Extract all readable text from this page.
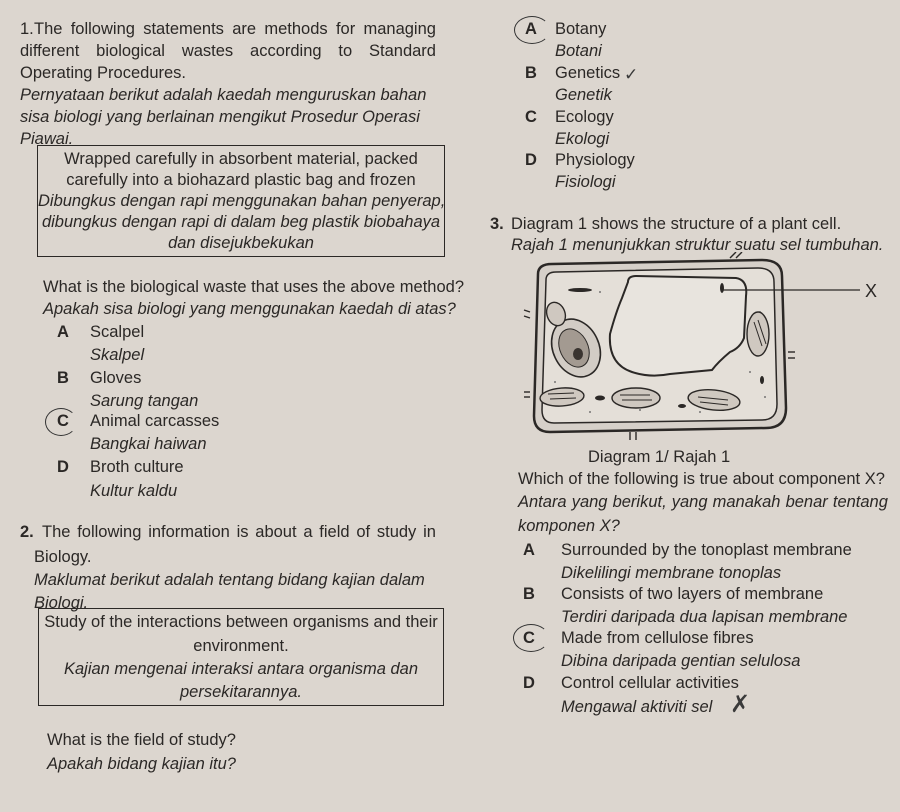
1. The following statements are methods for managing
different biological wastes according to Standard
Operating Procedures.
Pernyataan berikut adalah kaedah menguruskan bahan
sisa biologi yang berlainan mengikut Prosedur Operasi
Piawai.
Wrapped carefully in absorbent material, packed
carefully into a biohazard plastic bag and frozen
Dibungkus dengan rapi menggunakan bahan penyerap,
dibungkus dengan rapi di dalam beg plastik biobahaya
dan disejukbekukan
What is the biological waste that uses the above method?
Apakah sisa biologi yang menggunakan kaedah di atas?
A Scalpel
Skalpel
B Gloves
Sarung tangan
C Animal carcasses
Bangkai haiwan
D Broth culture
Kultur kaldu
2. The following information is about a field of study in
Biology.
Maklumat berikut adalah tentang bidang kajian dalam
Biologi.
Study of the interactions between organisms and their
environment.
Kajian mengenai interaksi antara organisma dan
persekitarannya.
What is the field of study?
Apakah bidang kajian itu?
A Botany
Botani
B Genetics
Genetik
C Ecology
Ekologi
D Physiology
Fisiologi
✓
3. Diagram 1 shows the structure of a plant cell.
Rajah 1 menunjukkan struktur suatu sel tumbuhan.
X
Diagram 1/ Rajah 1
Which of the following is true about component X?
Antara yang berikut, yang manakah benar tentang
komponen X?
A Surrounded by the tonoplast membrane
Dikelilingi membrane tonoplas
B Consists of two layers of membrane
Terdiri daripada dua lapisan membrane
C Made from cellulose fibres
Dibina daripada gentian selulosa
D Control cellular activities
Mengawal aktiviti sel ✗
